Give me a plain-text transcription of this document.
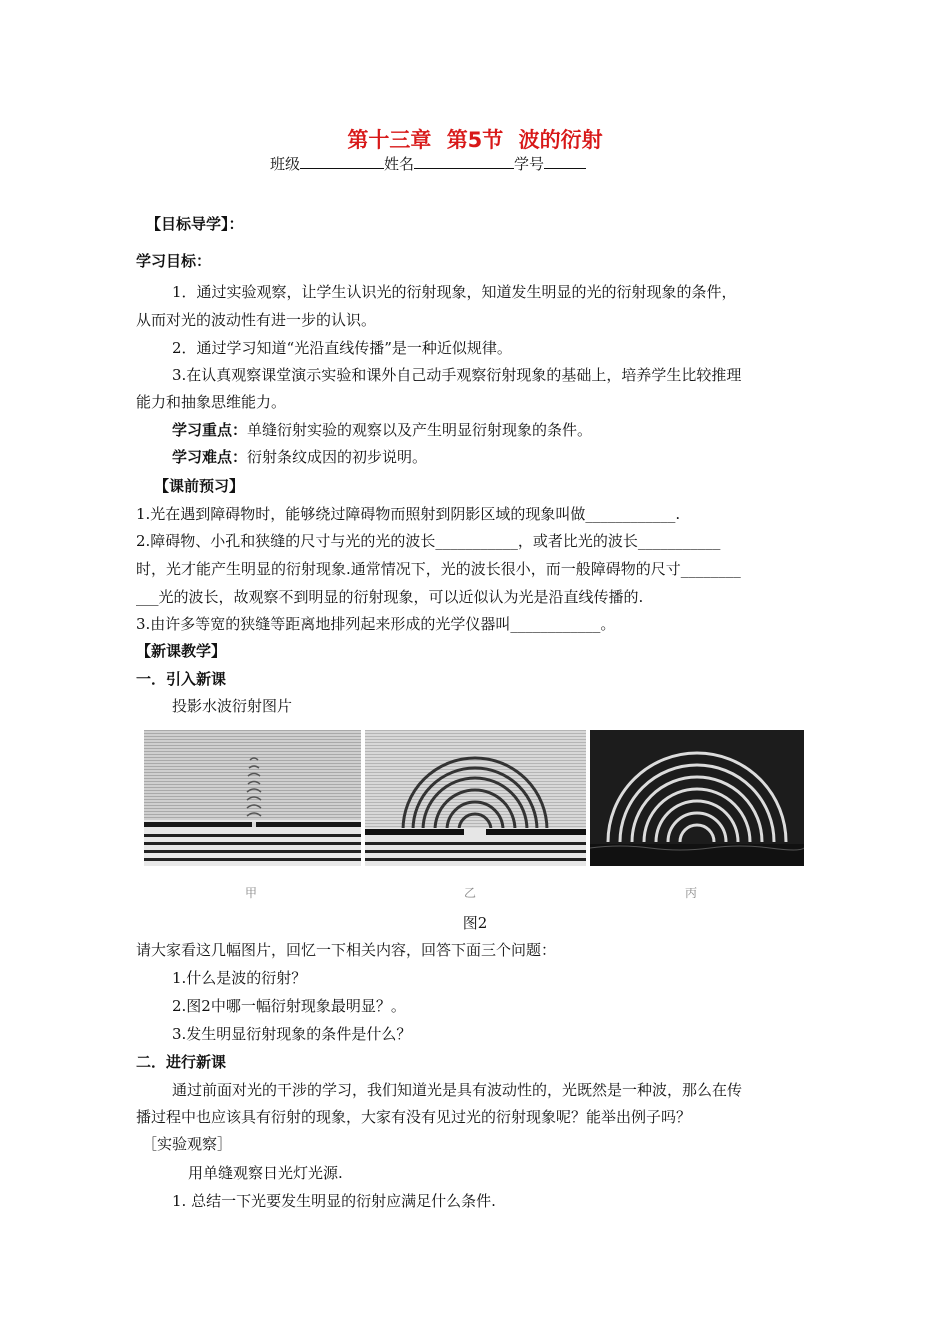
第十三章 第5节 波的衍射
班级	姓名	学号
【目标导学】：
学习目标：
1．通过实验观察，让学生认识光的衍射现象，知道发生明显的光的衍射现象的条件，
从而对光的波动性有进一步的认识。
2．通过学习知道“光沿直线传播”是一种近似规律。
3.在认真观察课堂演示实验和课外自己动手观察衍射现象的基础上，培养学生比较推理
能力和抽象思维能力。
学习重点：单缝衍射实验的观察以及产生明显衍射现象的条件。
学习难点：衍射条纹成因的初步说明。
【课前预习】
1.光在遇到障碍物时，能够绕过障碍物而照射到阴影区域的现象叫做____________.
2.障碍物、小孔和狭缝的尺寸与光的光的波长___________，或者比光的波长___________
时，光才能产生明显的衍射现象.通常情况下，光的波长很小，而一般障碍物的尺寸________
___光的波长，故观察不到明显的衍射现象，可以近似认为光是沿直线传播的.
3.由许多等宽的狭缝等距离地排列起来形成的光学仪器叫____________。
【新课教学】
一．引入新课
投影水波衍射图片
甲	乙	丙
图2
请大家看这几幅图片，回忆一下相关内容，回答下面三个问题：
1.什么是波的衍射？
2.图2中哪一幅衍射现象最明显？。
3.发生明显衍射现象的条件是什么？
二．进行新课
通过前面对光的干涉的学习，我们知道光是具有波动性的，光既然是一种波，那么在传
播过程中也应该具有衍射的现象，大家有没有见过光的衍射现象呢？能举出例子吗？
［实验观察］
用单缝观察日光灯光源.
1. 总结一下光要发生明显的衍射应满足什么条件.
